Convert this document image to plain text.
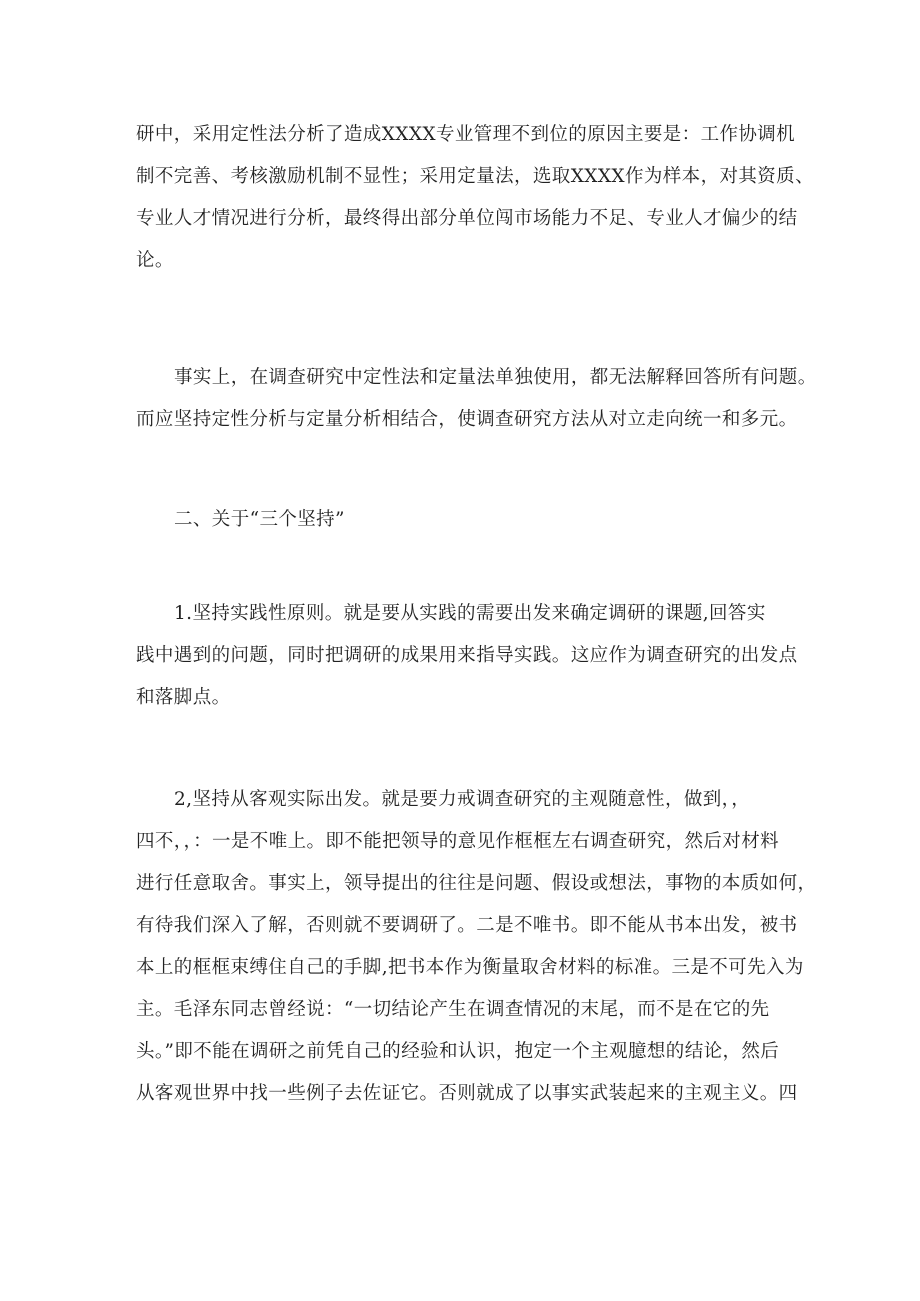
研中，采用定性法分析了造成XXXX专业管理不到位的原因主要是：工作协调机
制不完善、考核激励机制不显性；采用定量法，选取XXXX作为样本，对其资质、
专业人才情况进行分析，最终得出部分单位闯市场能力不足、专业人才偏少的结
论。
事实上，在调查研究中定性法和定量法单独使用，都无法解释回答所有问题。
而应坚持定性分析与定量分析相结合，使调查研究方法从对立走向统一和多元。
二、关于“三个坚持”
1.坚持实践性原则。就是要从实践的需要出发来确定调研的课题,回答实
践中遇到的问题，同时把调研的成果用来指导实践。这应作为调查研究的出发点
和落脚点。
2,坚持从客观实际出发。就是要力戒调查研究的主观随意性，做到，，
四不，，：一是不唯上。即不能把领导的意见作框框左右调查研究，然后对材料
进行任意取舍。事实上，领导提出的往往是问题、假设或想法，事物的本质如何，
有待我们深入了解，否则就不要调研了。二是不唯书。即不能从书本出发，被书
本上的框框束缚住自己的手脚,把书本作为衡量取舍材料的标准。三是不可先入为
主。毛泽东同志曾经说：“一切结论产生在调查情况的末尾，而不是在它的先
头。”即不能在调研之前凭自己的经验和认识，抱定一个主观臆想的结论，然后
从客观世界中找一些例子去佐证它。否则就成了以事实武装起来的主观主义。四
